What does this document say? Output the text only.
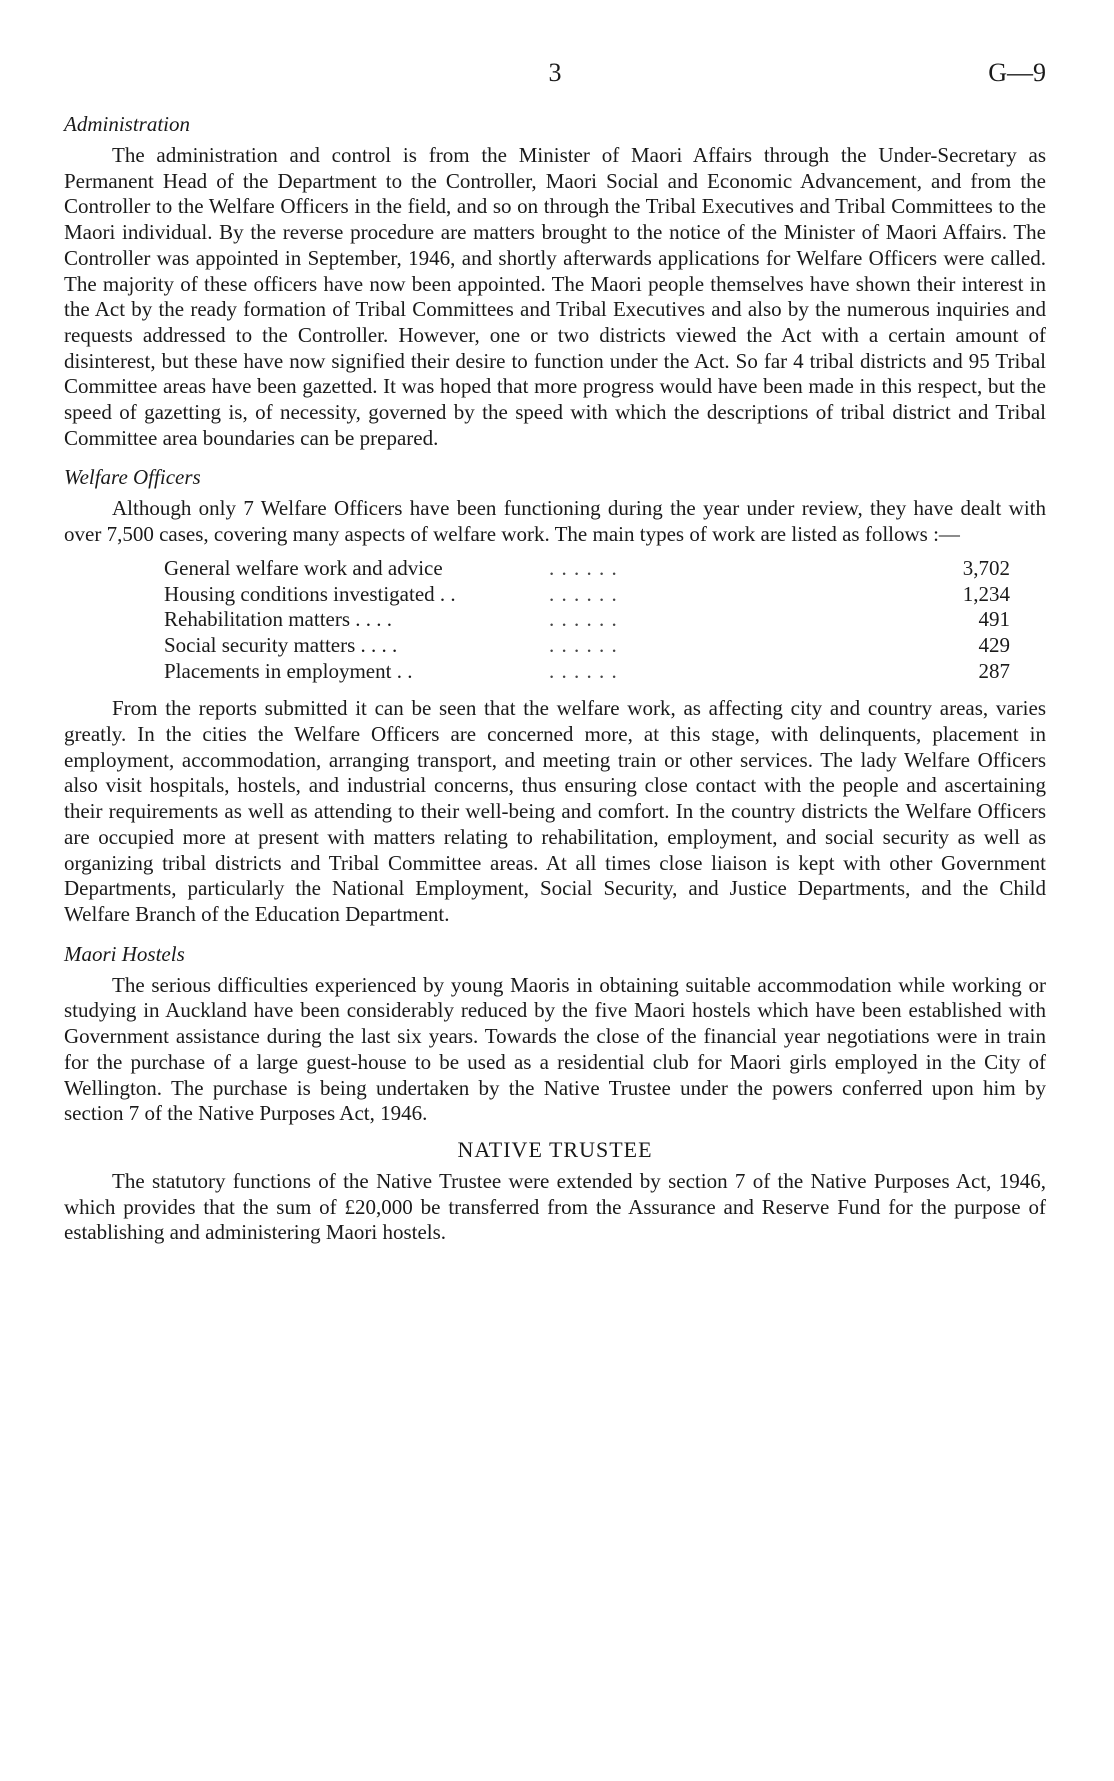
3	G—9
Administration

The administration and control is from the Minister of Maori Affairs through the Under-Secretary as Permanent Head of the Department to the Controller, Maori Social and Economic Advancement, and from the Controller to the Welfare Officers in the field, and so on through the Tribal Executives and Tribal Committees to the Maori individual. By the reverse procedure are matters brought to the notice of the Minister of Maori Affairs. The Controller was appointed in September, 1946, and shortly afterwards applications for Welfare Officers were called. The majority of these officers have now been appointed. The Maori people themselves have shown their interest in the Act by the ready formation of Tribal Committees and Tribal Executives and also by the numerous inquiries and requests addressed to the Controller. However, one or two districts viewed the Act with a certain amount of disinterest, but these have now signified their desire to function under the Act. So far 4 tribal districts and 95 Tribal Committee areas have been gazetted. It was hoped that more progress would have been made in this respect, but the speed of gazetting is, of necessity, governed by the speed with which the descriptions of tribal district and Tribal Committee area boundaries can be prepared.

Welfare Officers

Although only 7 Welfare Officers have been functioning during the year under review, they have dealt with over 7,500 cases, covering many aspects of welfare work. The main types of work are listed as follows :—

General welfare work and advice	. . . . . .	3,702
Housing conditions investigated . .	. . . . . .	1,234
Rehabilitation matters . . . .	. . . . . .	491
Social security matters . . . .	. . . . . .	429
Placements in employment . .	. . . . . .	287

From the reports submitted it can be seen that the welfare work, as affecting city and country areas, varies greatly. In the cities the Welfare Officers are concerned more, at this stage, with delinquents, placement in employment, accommodation, arranging transport, and meeting train or other services. The lady Welfare Officers also visit hospitals, hostels, and industrial concerns, thus ensuring close contact with the people and ascertaining their requirements as well as attending to their well-being and comfort. In the country districts the Welfare Officers are occupied more at present with matters relating to rehabilitation, employment, and social security as well as organizing tribal districts and Tribal Committee areas. At all times close liaison is kept with other Government Departments, particularly the National Employment, Social Security, and Justice Departments, and the Child Welfare Branch of the Education Department.

Maori Hostels

The serious difficulties experienced by young Maoris in obtaining suitable accommodation while working or studying in Auckland have been considerably reduced by the five Maori hostels which have been established with Government assistance during the last six years. Towards the close of the financial year negotiations were in train for the purchase of a large guest-house to be used as a residential club for Maori girls employed in the City of Wellington. The purchase is being undertaken by the Native Trustee under the powers conferred upon him by section 7 of the Native Purposes Act, 1946.

NATIVE TRUSTEE

The statutory functions of the Native Trustee were extended by section 7 of the Native Purposes Act, 1946, which provides that the sum of £20,000 be transferred from the Assurance and Reserve Fund for the purpose of establishing and administering Maori hostels.
